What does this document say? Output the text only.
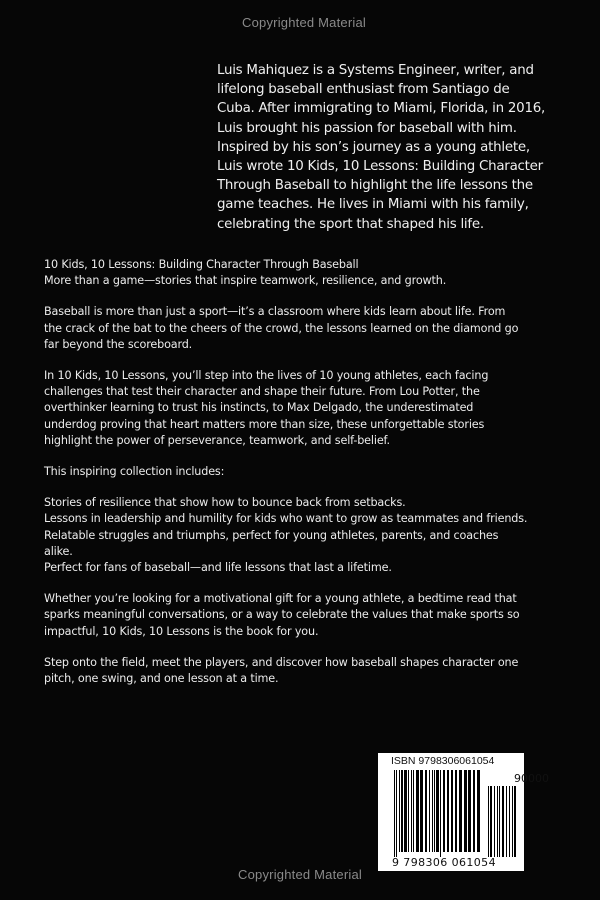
Copyrighted Material
Luis Mahiquez is a Systems Engineer, writer, and
lifelong baseball enthusiast from Santiago de
Cuba. After immigrating to Miami, Florida, in 2016,
Luis brought his passion for baseball with him.
Inspired by his son’s journey as a young athlete,
Luis wrote 10 Kids, 10 Lessons: Building Character
Through Baseball to highlight the life lessons the
game teaches. He lives in Miami with his family,
celebrating the sport that shaped his life.
10 Kids, 10 Lessons: Building Character Through Baseball
More than a game—stories that inspire teamwork, resilience, and growth.
Baseball is more than just a sport—it’s a classroom where kids learn about life. From
the crack of the bat to the cheers of the crowd, the lessons learned on the diamond go
far beyond the scoreboard.
In 10 Kids, 10 Lessons, you’ll step into the lives of 10 young athletes, each facing
challenges that test their character and shape their future. From Lou Potter, the
overthinker learning to trust his instincts, to Max Delgado, the underestimated
underdog proving that heart matters more than size, these unforgettable stories
highlight the power of perseverance, teamwork, and self-belief.
This inspiring collection includes:
Stories of resilience that show how to bounce back from setbacks.
Lessons in leadership and humility for kids who want to grow as teammates and friends.
Relatable struggles and triumphs, perfect for young athletes, parents, and coaches
alike.
Perfect for fans of baseball—and life lessons that last a lifetime.
Whether you’re looking for a motivational gift for a young athlete, a bedtime read that
sparks meaningful conversations, or a way to celebrate the values that make sports so
impactful, 10 Kids, 10 Lessons is the book for you.
Step onto the field, meet the players, and discover how baseball shapes character one
pitch, one swing, and one lesson at a time.
ISBN 9798306061054
90000
9 798306 061054
Copyrighted Material
